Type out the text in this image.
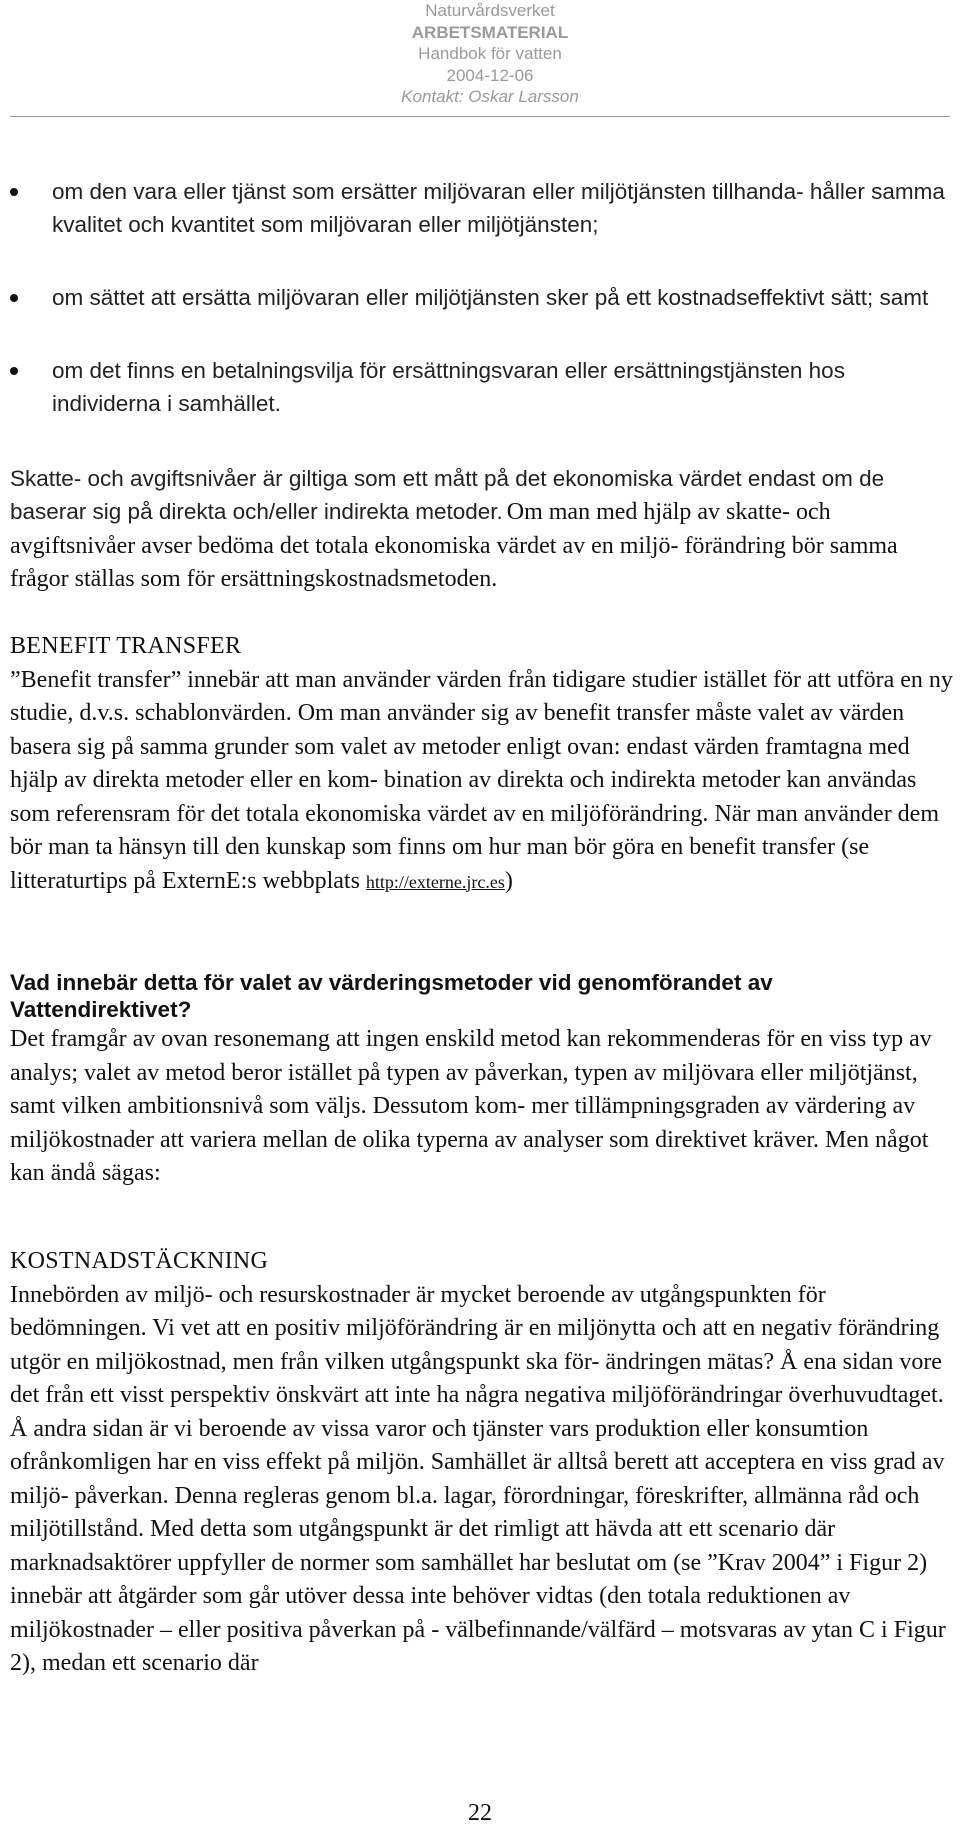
Naturvårdsverket
ARBETSMATERIAL
Handbok för vatten
2004-12-06
Kontakt: Oskar Larsson
om den vara eller tjänst som ersätter miljövaran eller miljötjänsten tillhanda- håller samma kvalitet och kvantitet som miljövaran eller miljötjänsten;
om sättet att ersätta miljövaran eller miljötjänsten sker på ett kostnadseffektivt sätt; samt
om det finns en betalningsvilja för ersättningsvaran eller ersättningstjänsten hos individerna i samhället.

Skatte- och avgiftsnivåer är giltiga som ett mått på det ekonomiska värdet endast om de baserar sig på direkta och/eller indirekta metoder. Om man med hjälp av skatte- och avgiftsnivåer avser bedöma det totala ekonomiska värdet av en miljö- förändring bör samma frågor ställas som för ersättningskostnadsmetoden.

BENEFIT TRANSFER
”Benefit transfer” innebär att man använder värden från tidigare studier istället för att utföra en ny studie, d.v.s. schablonvärden. Om man använder sig av benefit transfer måste valet av värden basera sig på samma grunder som valet av metoder enligt ovan: endast värden framtagna med hjälp av direkta metoder eller en kom- bination av direkta och indirekta metoder kan användas som referensram för det totala ekonomiska värdet av en miljöförändring. När man använder dem bör man ta hänsyn till den kunskap som finns om hur man bör göra en benefit transfer (se litteraturtips på ExternE:s webbplats http://externe.jrc.es)
Vad innebär detta för valet av värderingsmetoder vid genomförandet av Vattendirektivet?
Det framgår av ovan resonemang att ingen enskild metod kan rekommenderas för en viss typ av analys; valet av metod beror istället på typen av påverkan, typen av miljövara eller miljötjänst, samt vilken ambitionsnivå som väljs. Dessutom kom- mer tillämpningsgraden av värdering av miljökostnader att variera mellan de olika typerna av analyser som direktivet kräver. Men något kan ändå sägas:
KOSTNADSTÄCKNING
Innebörden av miljö- och resurskostnader är mycket beroende av utgångspunkten för bedömningen. Vi vet att en positiv miljöförändring är en miljönytta och att en negativ förändring utgör en miljökostnad, men från vilken utgångspunkt ska för- ändringen mätas? Å ena sidan vore det från ett visst perspektiv önskvärt att inte ha några negativa miljöförändringar överhuvudtaget. Å andra sidan är vi beroende av vissa varor och tjänster vars produktion eller konsumtion ofrånkomligen har en viss effekt på miljön. Samhället är alltså berett att acceptera en viss grad av miljö- påverkan. Denna regleras genom bl.a. lagar, förordningar, föreskrifter, allmänna råd och miljötillstånd. Med detta som utgångspunkt är det rimligt att hävda att ett scenario där marknadsaktörer uppfyller de normer som samhället har beslutat om (se ”Krav 2004” i Figur 2) innebär att åtgärder som går utöver dessa inte behöver vidtas (den totala reduktionen av miljökostnader – eller positiva påverkan på - välbefinnande/välfärd – motsvaras av ytan C i Figur 2), medan ett scenario där
22
